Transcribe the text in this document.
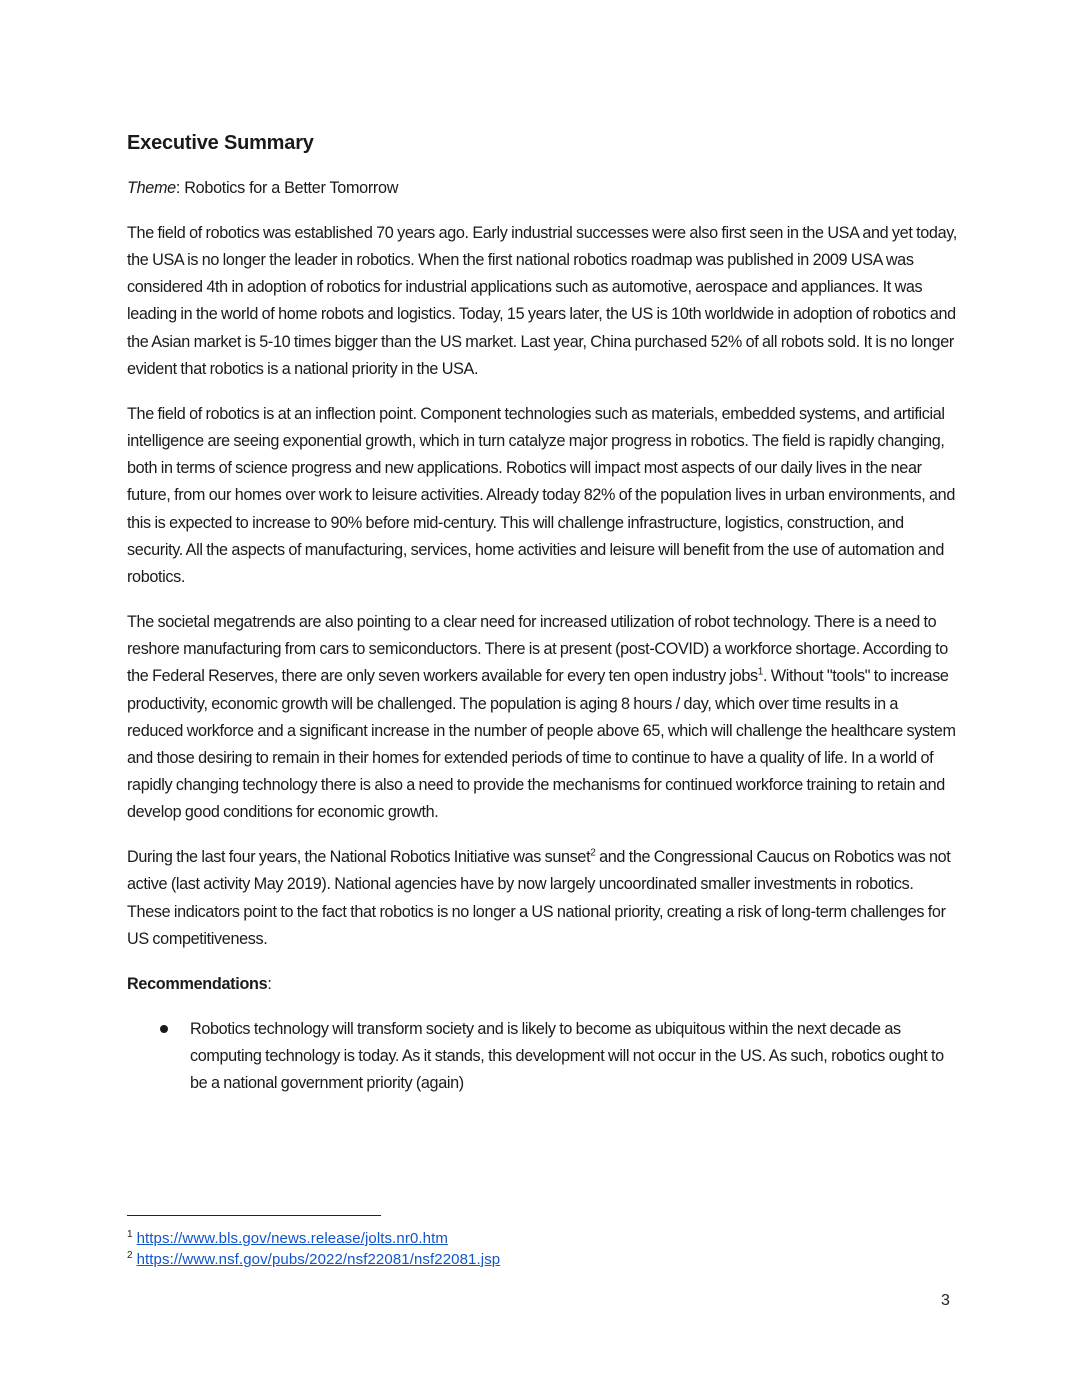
Executive Summary
Theme: Robotics for a Better Tomorrow

The field of robotics was established 70 years ago. Early industrial successes were also first seen in the USA and yet today, the USA is no longer the leader in robotics. When the first national robotics roadmap was published in 2009 USA was considered 4th in adoption of robotics for industrial applications such as automotive, aerospace and appliances. It was leading in the world of home robots and logistics. Today, 15 years later, the US is 10th worldwide in adoption of robotics and the Asian market is 5-10 times bigger than the US market. Last year, China purchased 52% of all robots sold. It is no longer evident that robotics is a national priority in the USA.

The field of robotics is at an inflection point. Component technologies such as materials, embedded systems, and artificial intelligence are seeing exponential growth, which in turn catalyze major progress in robotics. The field is rapidly changing, both in terms of science progress and new applications. Robotics will impact most aspects of our daily lives in the near future, from our homes over work to leisure activities. Already today 82% of the population lives in urban environments, and this is expected to increase to 90% before mid-century. This will challenge infrastructure, logistics, construction, and security. All the aspects of manufacturing, services, home activities and leisure will benefit from the use of automation and robotics.

The societal megatrends are also pointing to a clear need for increased utilization of robot technology. There is a need to reshore manufacturing from cars to semiconductors. There is at present (post-COVID) a workforce shortage. According to the Federal Reserves, there are only seven workers available for every ten open industry jobs$^1$. Without "tools" to increase productivity, economic growth will be challenged. The population is aging 8 hours / day, which over time results in a reduced workforce and a significant increase in the number of people above 65, which will challenge the healthcare system and those desiring to remain in their homes for extended periods of time to continue to have a quality of life. In a world of rapidly changing technology there is also a need to provide the mechanisms for continued workforce training to retain and develop good conditions for economic growth.

During the last four years, the National Robotics Initiative was sunset$^2$ and the Congressional Caucus on Robotics was not active (last activity May 2019). National agencies have by now largely uncoordinated smaller investments in robotics. These indicators point to the fact that robotics is no longer a US national priority, creating a risk of long-term challenges for US competitiveness.

Recommendations:
Robotics technology will transform society and is likely to become as ubiquitous within the next decade as computing technology is today. As it stands, this development will not occur in the US. As such, robotics ought to be a national government priority (again)
$^1$ https://www.bls.gov/news.release/jolts.nr0.htm
$^2$ https://www.nsf.gov/pubs/2022/nsf22081/nsf22081.jsp
3
